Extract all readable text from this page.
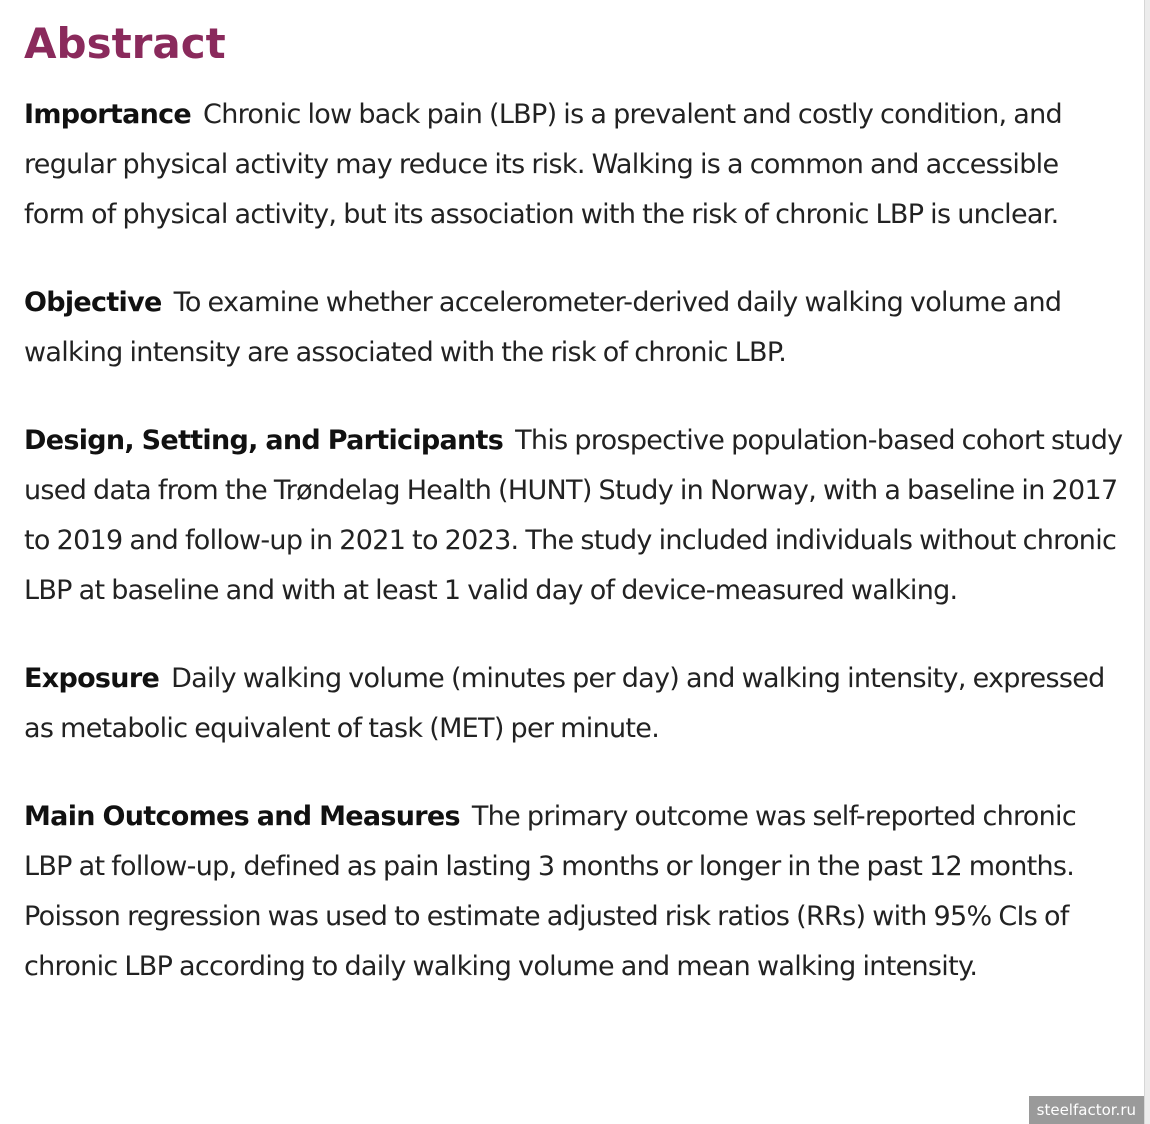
Abstract

Importance Chronic low back pain (LBP) is a prevalent and costly condition, and regular physical activity may reduce its risk. Walking is a common and accessible form of physical activity, but its association with the risk of chronic LBP is unclear.

Objective To examine whether accelerometer-derived daily walking volume and walking intensity are associated with the risk of chronic LBP.

Design, Setting, and Participants This prospective population-based cohort study used data from the Trøndelag Health (HUNT) Study in Norway, with a baseline in 2017 to 2019 and follow-up in 2021 to 2023. The study included individuals without chronic LBP at baseline and with at least 1 valid day of device-measured walking.

Exposure Daily walking volume (minutes per day) and walking intensity, expressed as metabolic equivalent of task (MET) per minute.

Main Outcomes and Measures The primary outcome was self-reported chronic LBP at follow-up, defined as pain lasting 3 months or longer in the past 12 months. Poisson regression was used to estimate adjusted risk ratios (RRs) with 95% CIs of chronic LBP according to daily walking volume and mean walking intensity.

steelfactor.ru
